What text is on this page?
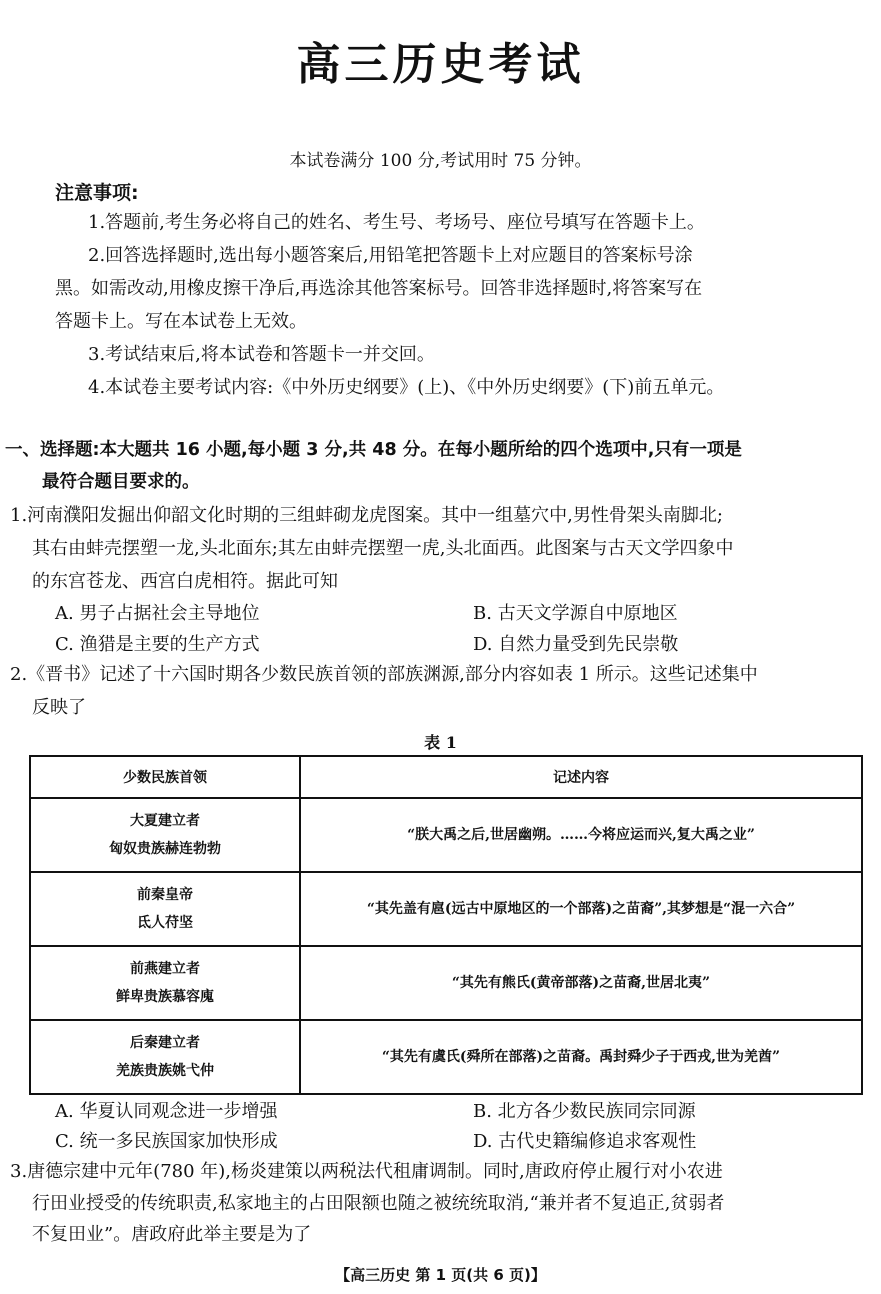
高三历史考试
本试卷满分 100 分,考试用时 75 分钟。
注意事项:
1.答题前,考生务必将自己的姓名、考生号、考场号、座位号填写在答题卡上。
2.回答选择题时,选出每小题答案后,用铅笔把答题卡上对应题目的答案标号涂
黑。如需改动,用橡皮擦干净后,再选涂其他答案标号。回答非选择题时,将答案写在
答题卡上。写在本试卷上无效。
3.考试结束后,将本试卷和答题卡一并交回。
4.本试卷主要考试内容:《中外历史纲要》(上)、《中外历史纲要》(下)前五单元。
一、选择题:本大题共 16 小题,每小题 3 分,共 48 分。在每小题所给的四个选项中,只有一项是
最符合题目要求的。
1.河南濮阳发掘出仰韶文化时期的三组蚌砌龙虎图案。其中一组墓穴中,男性骨架头南脚北;
其右由蚌壳摆塑一龙,头北面东;其左由蚌壳摆塑一虎,头北面西。此图案与古天文学四象中
的东宫苍龙、西宫白虎相符。据此可知
A. 男子占据社会主导地位	B. 古天文学源自中原地区
C. 渔猎是主要的生产方式	D. 自然力量受到先民崇敬
2.《晋书》记述了十六国时期各少数民族首领的部族渊源,部分内容如表 1 所示。这些记述集中
反映了
表 1
少数民族首领	记述内容

大夏建立者
匈奴贵族赫连勃勃	“朕大禹之后,世居幽朔。……今将应运而兴,复大禹之业”

前秦皇帝
氐人苻坚	“其先盖有扈(远古中原地区的一个部落)之苗裔”,其梦想是“混一六合”

前燕建立者
鲜卑贵族慕容廆	“其先有熊氏(黄帝部落)之苗裔,世居北夷”

后秦建立者
羌族贵族姚弋仲	“其先有虞氏(舜所在部落)之苗裔。禹封舜少子于西戎,世为羌酋”
A. 华夏认同观念进一步增强	B. 北方各少数民族同宗同源
C. 统一多民族国家加快形成	D. 古代史籍编修追求客观性
3.唐德宗建中元年(780 年),杨炎建策以两税法代租庸调制。同时,唐政府停止履行对小农进
行田业授受的传统职责,私家地主的占田限额也随之被统统取消,“兼并者不复追正,贫弱者
不复田业”。唐政府此举主要是为了
【高三历史 第 1 页(共 6 页)】
